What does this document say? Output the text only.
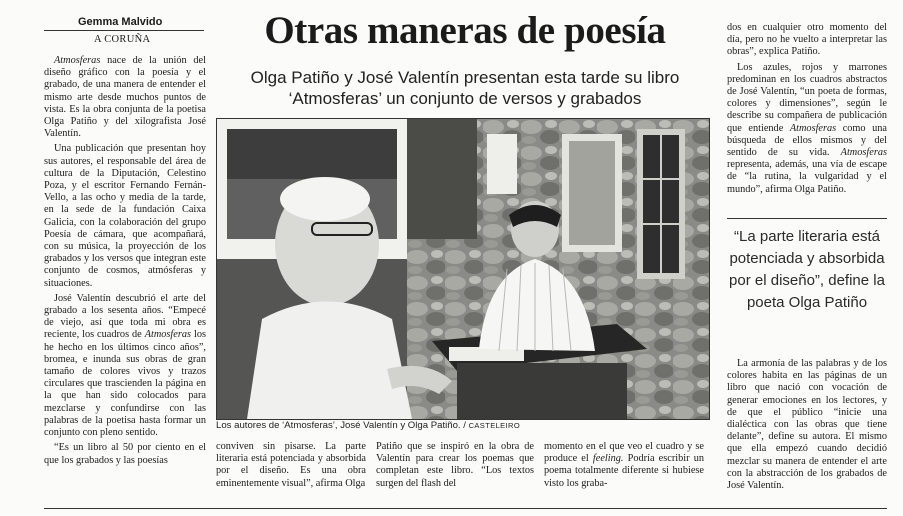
Gemma Malvido
A CORUÑA	Otras maneras de poesía
Olga Patiño y José Valentín presentan esta tarde su libro ‘Atmosferas’ un conjunto de versos y grabados

Atmosferas nace de la unión del diseño gráfico con la poesía y el grabado, de una manera de entender el mismo arte desde muchos puntos de vista. Es la obra conjunta de la poetisa Olga Patiño y del xilografista José Valentín.

Una publicación que presentan hoy sus autores, el responsable del área de cultura de la Diputación, Celestino Poza, y el escritor Fernando Fernán-Vello, a las ocho y media de la tarde, en la sede de la fundación Caixa Galicia, con la colaboración del grupo Poesía de cámara, que acompañará, con su música, la proyección de los grabados y los versos que integran este conjunto de cosmos, atmósferas y situaciones.

José Valentín descubrió el arte del grabado a los sesenta años. “Empecé de viejo, así que toda mi obra es reciente, los cuadros de Atmosferas los he hecho en los últimos cinco años”, bromea, e inunda sus obras de gran tamaño de colores vivos y trazos circulares que trascienden la página en la que han sido colocados para mezclarse y confundirse con las palabras de la poetisa hasta formar un conjunto con pleno sentido.

“Es un libro al 50 por ciento en el que los grabados y las poesías

Los autores de ‘Atmosferas’, José Valentín y Olga Patiño. / CASTELEIRO

conviven sin pisarse. La parte literaria está potenciada y absorbida por el diseño. Es una obra eminentemente visual”, afirma Olga

Patiño que se inspiró en la obra de Valentín para crear los poemas que completan este libro. “Los textos surgen del flash del

momento en el que veo el cuadro y se produce el feeling. Podría escribir un poema totalmente diferente si hubiese visto los graba-

dos en cualquier otro momento del día, pero no he vuelto a interpretar las obras”, explica Patiño.

Los azules, rojos y marrones predominan en los cuadros abstractos de José Valentín, “un poeta de formas, colores y dimensiones”, según le describe su compañera de publicación que entiende Atmosferas como una búsqueda de ellos mismos y del sentido de su vida. Atmosferas representa, además, una vía de escape de “la rutina, la vulgaridad y el mundo”, afirma Olga Patiño.

“La parte literaria está potenciada y absorbida por el diseño”, define la poeta Olga Patiño

La armonía de las palabras y de los colores habita en las páginas de un libro que nació con vocación de generar emociones en los lectores, y de que el público “inicie una dialéctica con las obras que tiene delante”, define su autora. El mismo que ella empezó cuando decidió mezclar su manera de entender el arte con la abstracción de los grabados de José Valentín.
